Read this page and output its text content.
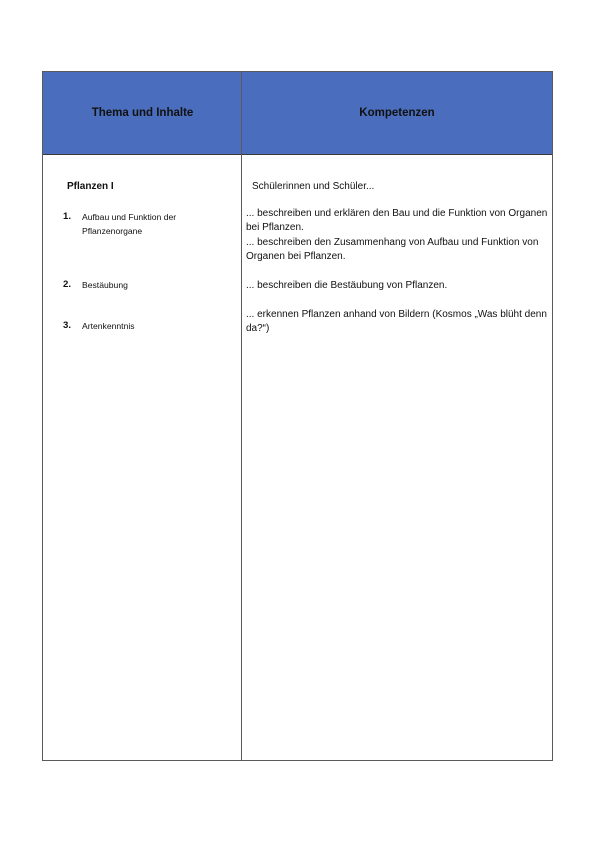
Thema und Inhalte	Kompetenzen
Pflanzen I
1. Aufbau und Funktion der Pflanzenorgane
2. Bestäubung
3. Artenkenntnis
Schülerinnen und Schüler...
... beschreiben und erklären den Bau und die Funktion von Organen bei Pflanzen.
... beschreiben den Zusammenhang von Aufbau und Funktion von Organen bei Pflanzen.
... beschreiben die Bestäubung von Pflanzen.
... erkennen Pflanzen anhand von Bildern (Kosmos „Was blüht denn da?“)
